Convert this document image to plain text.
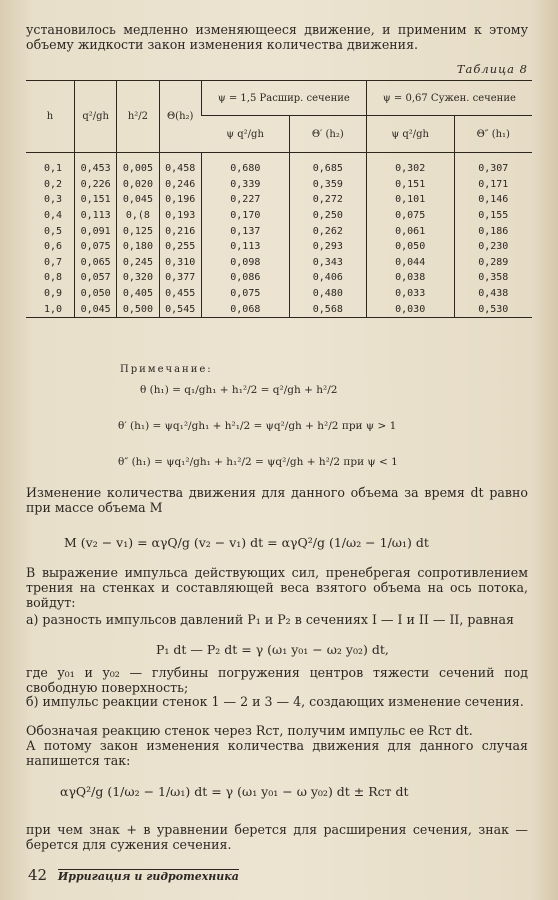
установилось медленно изменяющееся движение, и применим к этому объему жидкости закон изменения количества движения.
Таблица 8
h	q²/gh	h²/2	Θ(h₂)	ψ = 1,5 Расшир. сечение		ψ = 0,67 Сужен. сечение	
				ψ q²/gh	Θ′ (h₂)	ψ q²/gh	Θ″ (h₁)
0,1	0,453	0,005	0,458	0,680	0,685	0,302	0,307
0,2	0,226	0,020	0,246	0,339	0,359	0,151	0,171
0,3	0,151	0,045	0,196	0,227	0,272	0,101	0,146
0,4	0,113	0,(8	0,193	0,170	0,250	0,075	0,155
0,5	0,091	0,125	0,216	0,137	0,262	0,061	0,186
0,6	0,075	0,180	0,255	0,113	0,293	0,050	0,230
0,7	0,065	0,245	0,310	0,098	0,343	0,044	0,289
0,8	0,057	0,320	0,377	0,086	0,406	0,038	0,358
0,9	0,050	0,405	0,455	0,075	0,480	0,033	0,438
1,0	0,045	0,500	0,545	0,068	0,568	0,030	0,530
Примечание:
θ (h₁) = q₁/gh₁ + h₁²/2 = q²/gh + h²/2
θ′ (h₁) = ψq₁²/gh₁ + h²₁/2 = ψq²/gh + h²/2 при ψ > 1
θ″ (h₁) = ψq₁²/gh₁ + h₁²/2 = ψq²/gh + h²/2 при ψ < 1
Изменение количества движения для данного объема за время dt равно при массе объема M
M (v₂ − v₁) = αγQ/g (v₂ − v₁) dt = αγQ²/g (1/ω₂ − 1/ω₁) dt
В выражение импульса действующих сил, пренебрегая сопротивлением трения на стенках и составляющей веса взятого объема на ось потока, войдут:
а) разность импульсов давлений P₁ и P₂ в сечениях I — I и II — II, равная
P₁ dt — P₂ dt = γ (ω₁ y₀₁ − ω₂ y₀₂) dt,
где y₀₁ и y₀₂ — глубины погружения центров тяжести сечений под свободную поверхность;
б) импульс реакции стенок 1 — 2 и 3 — 4, создающих изменение сечения.
Обозначая реакцию стенок через Rст, получим импульс ее Rст dt.
А потому закон изменения количества движения для данного случая напишется так:
αγQ²/g (1/ω₂ − 1/ω₁) dt = γ (ω₁ y₀₁ − ω y₀₂) dt ± Rст dt
при чем знак + в уравнении берется для расширения сечения, знак — берется для сужения сечения.
42 Ирригация и гидротехника
